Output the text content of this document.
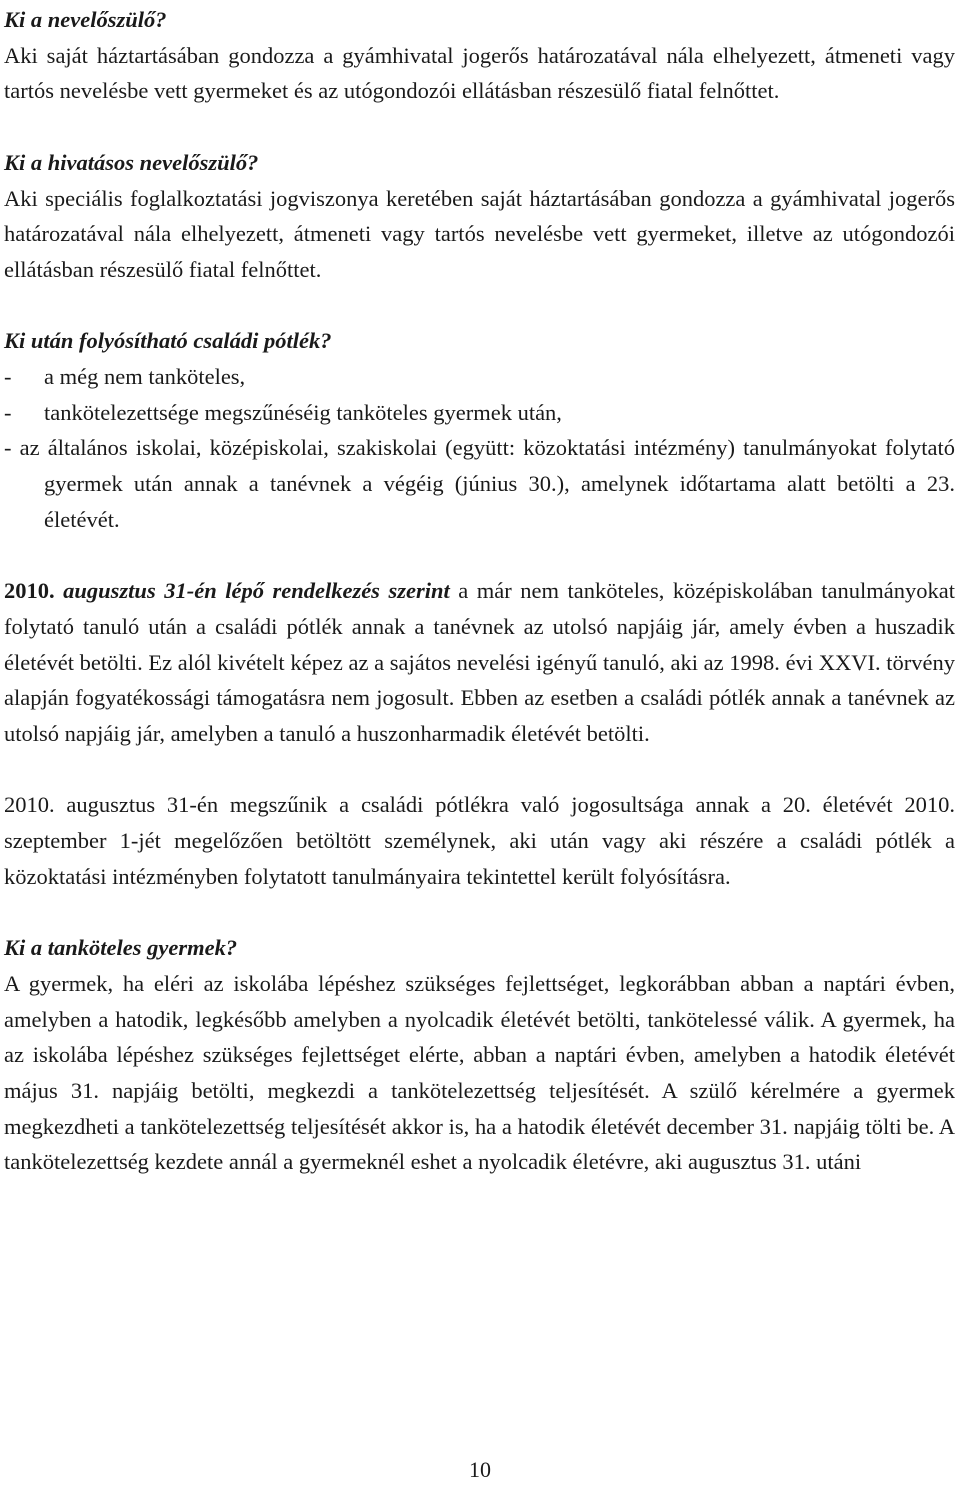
Ki a nevelőszülő?

Aki saját háztartásában gondozza a gyámhivatal jogerős határozatával nála elhelyezett, átmeneti vagy tartós nevelésbe vett gyermeket és az utógondozói ellátásban részesülő fiatal felnőttet.

Ki a hivatásos nevelőszülő?

Aki speciális foglalkoztatási jogviszonya keretében saját háztartásában gondozza a gyámhivatal jogerős határozatával nála elhelyezett, átmeneti vagy tartós nevelésbe vett gyermeket, illetve az utógondozói ellátásban részesülő fiatal felnőttet.

Ki után folyósítható családi pótlék?
-	a még nem tanköteles,
-	tankötelezettsége megszűnéséig tanköteles gyermek után,
- az általános iskolai, középiskolai, szakiskolai (együtt: közoktatási intézmény) tanulmányokat folytató gyermek után annak a tanévnek a végéig (június 30.), amelynek időtartama alatt betölti a 23. életévét.

2010. augusztus 31-én lépő rendelkezés szerint a már nem tanköteles, középiskolában tanulmányokat folytató tanuló után a családi pótlék annak a tanévnek az utolsó napjáig jár, amely évben a huszadik életévét betölti. Ez alól kivételt képez az a sajátos nevelési igényű tanuló, aki az 1998. évi XXVI. törvény alapján fogyatékossági támogatásra nem jogosult. Ebben az esetben a családi pótlék annak a tanévnek az utolsó napjáig jár, amelyben a tanuló a huszonharmadik életévét betölti.

2010. augusztus 31-én megszűnik a családi pótlékra való jogosultsága annak a 20. életévét 2010. szeptember 1-jét megelőzően betöltött személynek, aki után vagy aki részére a családi pótlék a közoktatási intézményben folytatott tanulmányaira tekintettel került folyósításra.

Ki a tanköteles gyermek?

A gyermek, ha eléri az iskolába lépéshez szükséges fejlettséget, legkorábban abban a naptári évben, amelyben a hatodik, legkésőbb amelyben a nyolcadik életévét betölti, tankötelessé válik. A gyermek, ha az iskolába lépéshez szükséges fejlettséget elérte, abban a naptári évben, amelyben a hatodik életévét május 31. napjáig betölti, megkezdi a tankötelezettség teljesítését. A szülő kérelmére a gyermek megkezdheti a tankötelezettség teljesítését akkor is, ha a hatodik életévét december 31. napjáig tölti be. A tankötelezettség kezdete annál a gyermeknél eshet a nyolcadik életévre, aki augusztus 31. utáni

10
